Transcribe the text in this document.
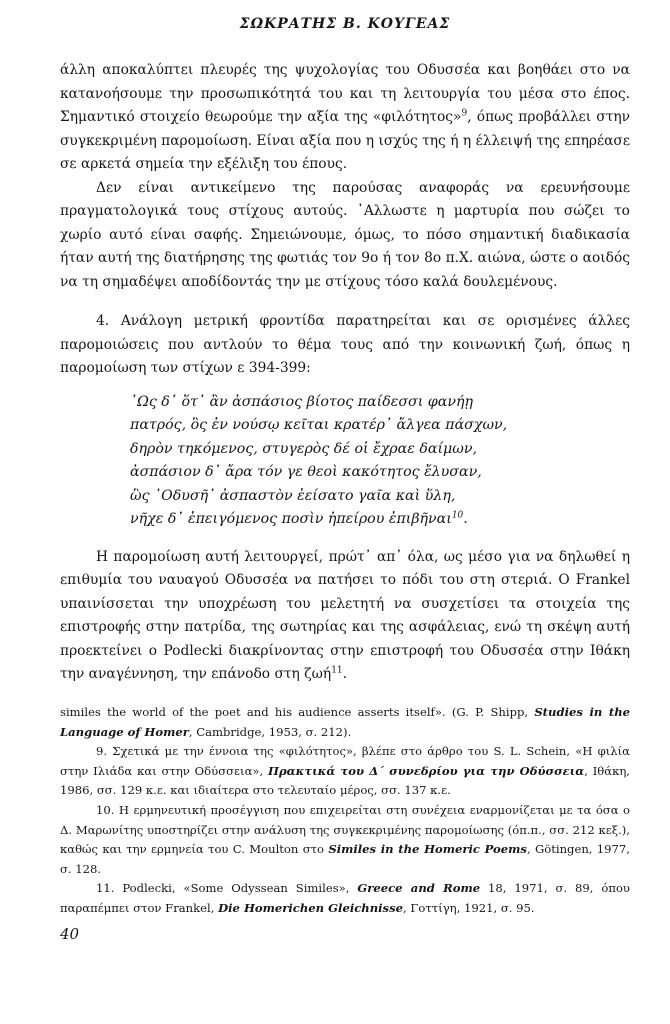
ΣΩΚΡΑΤΗΣ Β. ΚΟΥΓΕΑΣ

άλλη αποκαλύπτει πλευρές της ψυχολογίας του Οδυσσέα και βοηθάει στο να κατανοήσουμε την προσωπικότητά του και τη λειτουργία του μέσα στο έπος. Σημαντικό στοιχείο θεωρούμε την αξία της «φιλότητος»$^9$, όπως προβάλλει στην συγκεκριμένη παρομοίωση. Είναι αξία που η ισχύς της ή η έλλειψή της επηρέασε σε αρκετά σημεία την εξέλιξη του έπους.

Δεν είναι αντικείμενο της παρούσας αναφοράς να ερευνήσουμε πραγματολογικά τους στίχους αυτούς. ᾿Αλλωστε η μαρτυρία που σώζει το χωρίο αυτό είναι σαφής. Σημειώνουμε, όμως, το πόσο σημαντική διαδικασία ήταν αυτή της διατήρησης της φωτιάς τον 9ο ή τον 8ο π.Χ. αιώνα, ώστε ο αοιδός να τη σημαδέψει αποδίδοντάς την με στίχους τόσο καλά δουλεμένους.

4. Ανάλογη μετρική φροντίδα παρατηρείται και σε ορισμένες άλλες παρομοιώσεις που αντλούν το θέμα τους από την κοινωνική ζωή, όπως η παρομοίωση των στίχων ε 394-399:

῾Ως δ᾿ ὅτ᾿ ἂν ἀσπάσιος βίοτος παίδεσσι φανήῃ
πατρός, ὃς ἐν νούσῳ κεῖται κρατέρ᾿ ἄλγεα πάσχων,
δηρὸν τηκόμενος, στυγερὸς δέ οἱ ἔχραε δαίμων,
ἀσπάσιον δ᾿ ἄρα τόν γε θεοὶ κακότητος ἔλυσαν,
ὣς ᾿Οδυσῆ᾿ ἀσπαστὸν ἐείσατο γαῖα καὶ ὕλη,
νῆχε δ᾿ ἐπειγόμενος ποσὶν ἠπείρου ἐπιβῆναι$^{10}$.

Η παρομοίωση αυτή λειτουργεί, πρώτ᾿ απ᾿ όλα, ως μέσο για να δηλωθεί η επιθυμία του ναυαγού Οδυσσέα να πατήσει το πόδι του στη στεριά. Ο Frankel υπαινίσσεται την υποχρέωση του μελετητή να συσχετίσει τα στοιχεία της επιστροφής στην πατρίδα, της σωτηρίας και της ασφάλειας, ενώ τη σκέψη αυτή προεκτείνει ο Podlecki διακρίνοντας στην επιστροφή του Οδυσσέα στην Ιθάκη την αναγέννηση, την επάνοδο στη ζωή$^{11}$.

similes the world of the poet and his audience asserts itself». (G. P. Shipp, Studies in the Language of Homer, Cambridge, 1953, σ. 212).

9. Σχετικά με την έννοια της «φιλότητος», βλέπε στο άρθρο του S. L. Schein, «Η φιλία στην Ιλιάδα και στην Οδύσσεια», Πρακτικά του Δ΄ συνεδρίου για την Οδύσσεια, Ιθάκη, 1986, σσ. 129 κ.ε. και ιδιαίτερα στο τελευταίο μέρος, σσ. 137 κ.ε.

10. Η ερμηνευτική προσέγγιση που επιχειρείται στη συνέχεια εναρμονίζεται με τα όσα ο Δ. Μαρωνίτης υποστηρίζει στην ανάλυση της συγκεκριμένης παρομοίωσης (όπ.π., σσ. 212 κεξ.), καθώς και την ερμηνεία του C. Moulton στο Similes in the Homeric Poems, Götingen, 1977, σ. 128.

11. Podlecki, «Some Odyssean Similes», Greece and Rome 18, 1971, σ. 89, όπου παραπέμπει στον Frankel, Die Homerichen Gleichnisse, Γοττίγη, 1921, σ. 95.

40
